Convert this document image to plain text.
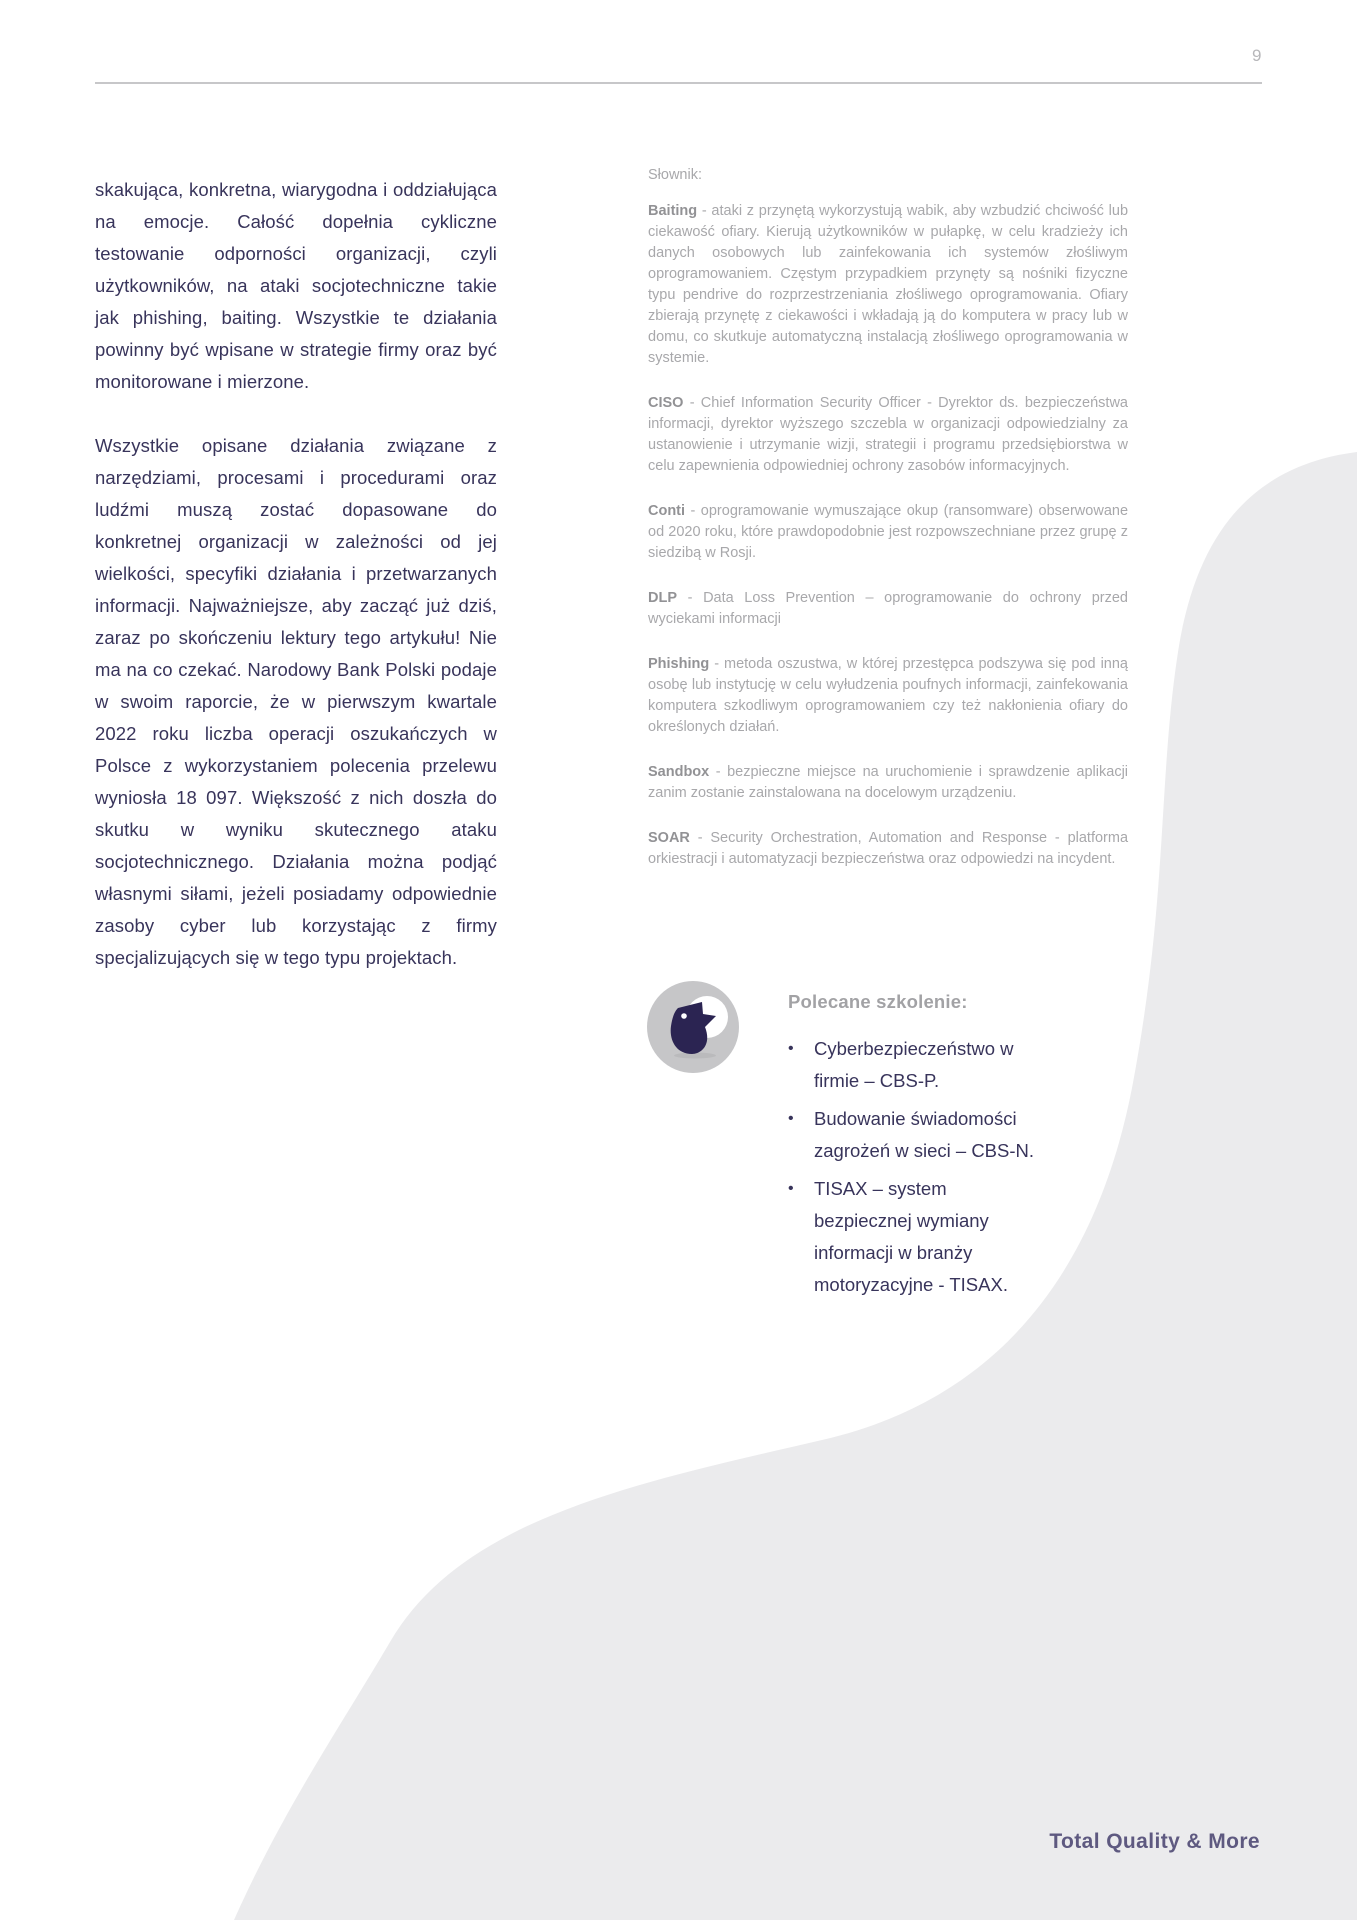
9

skakująca, konkretna, wiarygodna i oddziałująca na emocje. Całość dopełnia cykliczne testowanie odporności organizacji, czyli użytkowników, na ataki socjotechniczne takie jak phishing, baiting. Wszystkie te działania powinny być wpisane w strategie firmy oraz być monitorowane i mierzone.

Wszystkie opisane działania związane z narzędziami, procesami i procedurami oraz ludźmi muszą zostać dopasowane do konkretnej organizacji w zależności od jej wielkości, specyfiki działania i przetwarzanych informacji. Najważniejsze, aby zacząć już dziś, zaraz po skończeniu lektury tego artykułu! Nie ma na co czekać. Narodowy Bank Polski podaje w swoim raporcie, że w pierwszym kwartale 2022 roku liczba operacji oszukańczych w Polsce z wykorzystaniem polecenia przelewu wyniosła 18 097. Większość z nich doszła do skutku w wyniku skutecznego ataku socjotechnicznego. Działania można podjąć własnymi siłami, jeżeli posiadamy odpowiednie zasoby cyber lub korzystając z firmy specjalizujących się w tego typu projektach.

Słownik:

Baiting - ataki z przynętą wykorzystują wabik, aby wzbudzić chciwość lub ciekawość ofiary. Kierują użytkowników w pułapkę, w celu kradzieży ich danych osobowych lub zainfekowania ich systemów złośliwym oprogramowaniem. Częstym przypadkiem przynęty są nośniki fizyczne typu pendrive do rozprzestrzeniania złośliwego oprogramowania. Ofiary zbierają przynętę z ciekawości i wkładają ją do komputera w pracy lub w domu, co skutkuje automatyczną instalacją złośliwego oprogramowania w systemie.

CISO - Chief Information Security Officer - Dyrektor ds. bezpieczeństwa informacji, dyrektor wyższego szczebla w organizacji odpowiedzialny za ustanowienie i utrzymanie wizji, strategii i programu przedsiębiorstwa w celu zapewnienia odpowiedniej ochrony zasobów informacyjnych.

Conti - oprogramowanie wymuszające okup (ransomware) obserwowane od 2020 roku, które prawdopodobnie jest rozpowszechniane przez grupę z siedzibą w Rosji.

DLP - Data Loss Prevention – oprogramowanie do ochrony przed wyciekami informacji

Phishing - metoda oszustwa, w której przestępca podszywa się pod inną osobę lub instytucję w celu wyłudzenia poufnych informacji, zainfekowania komputera szkodliwym oprogramowaniem czy też nakłonienia ofiary do określonych działań.

Sandbox - bezpieczne miejsce na uruchomienie i sprawdzenie aplikacji zanim zostanie zainstalowana na docelowym urządzeniu.

SOAR - Security Orchestration, Automation and Response - platforma orkiestracji i automatyzacji bezpieczeństwa oraz odpowiedzi na incydent.

Polecane szkolenie:
•	Cyberbezpieczeństwo w firmie – CBS-P.
•	Budowanie świadomości zagrożeń w sieci – CBS-N.
•	TISAX – system bezpiecznej wymiany informacji w branży motoryzacyjne - TISAX.
Total Quality & More
